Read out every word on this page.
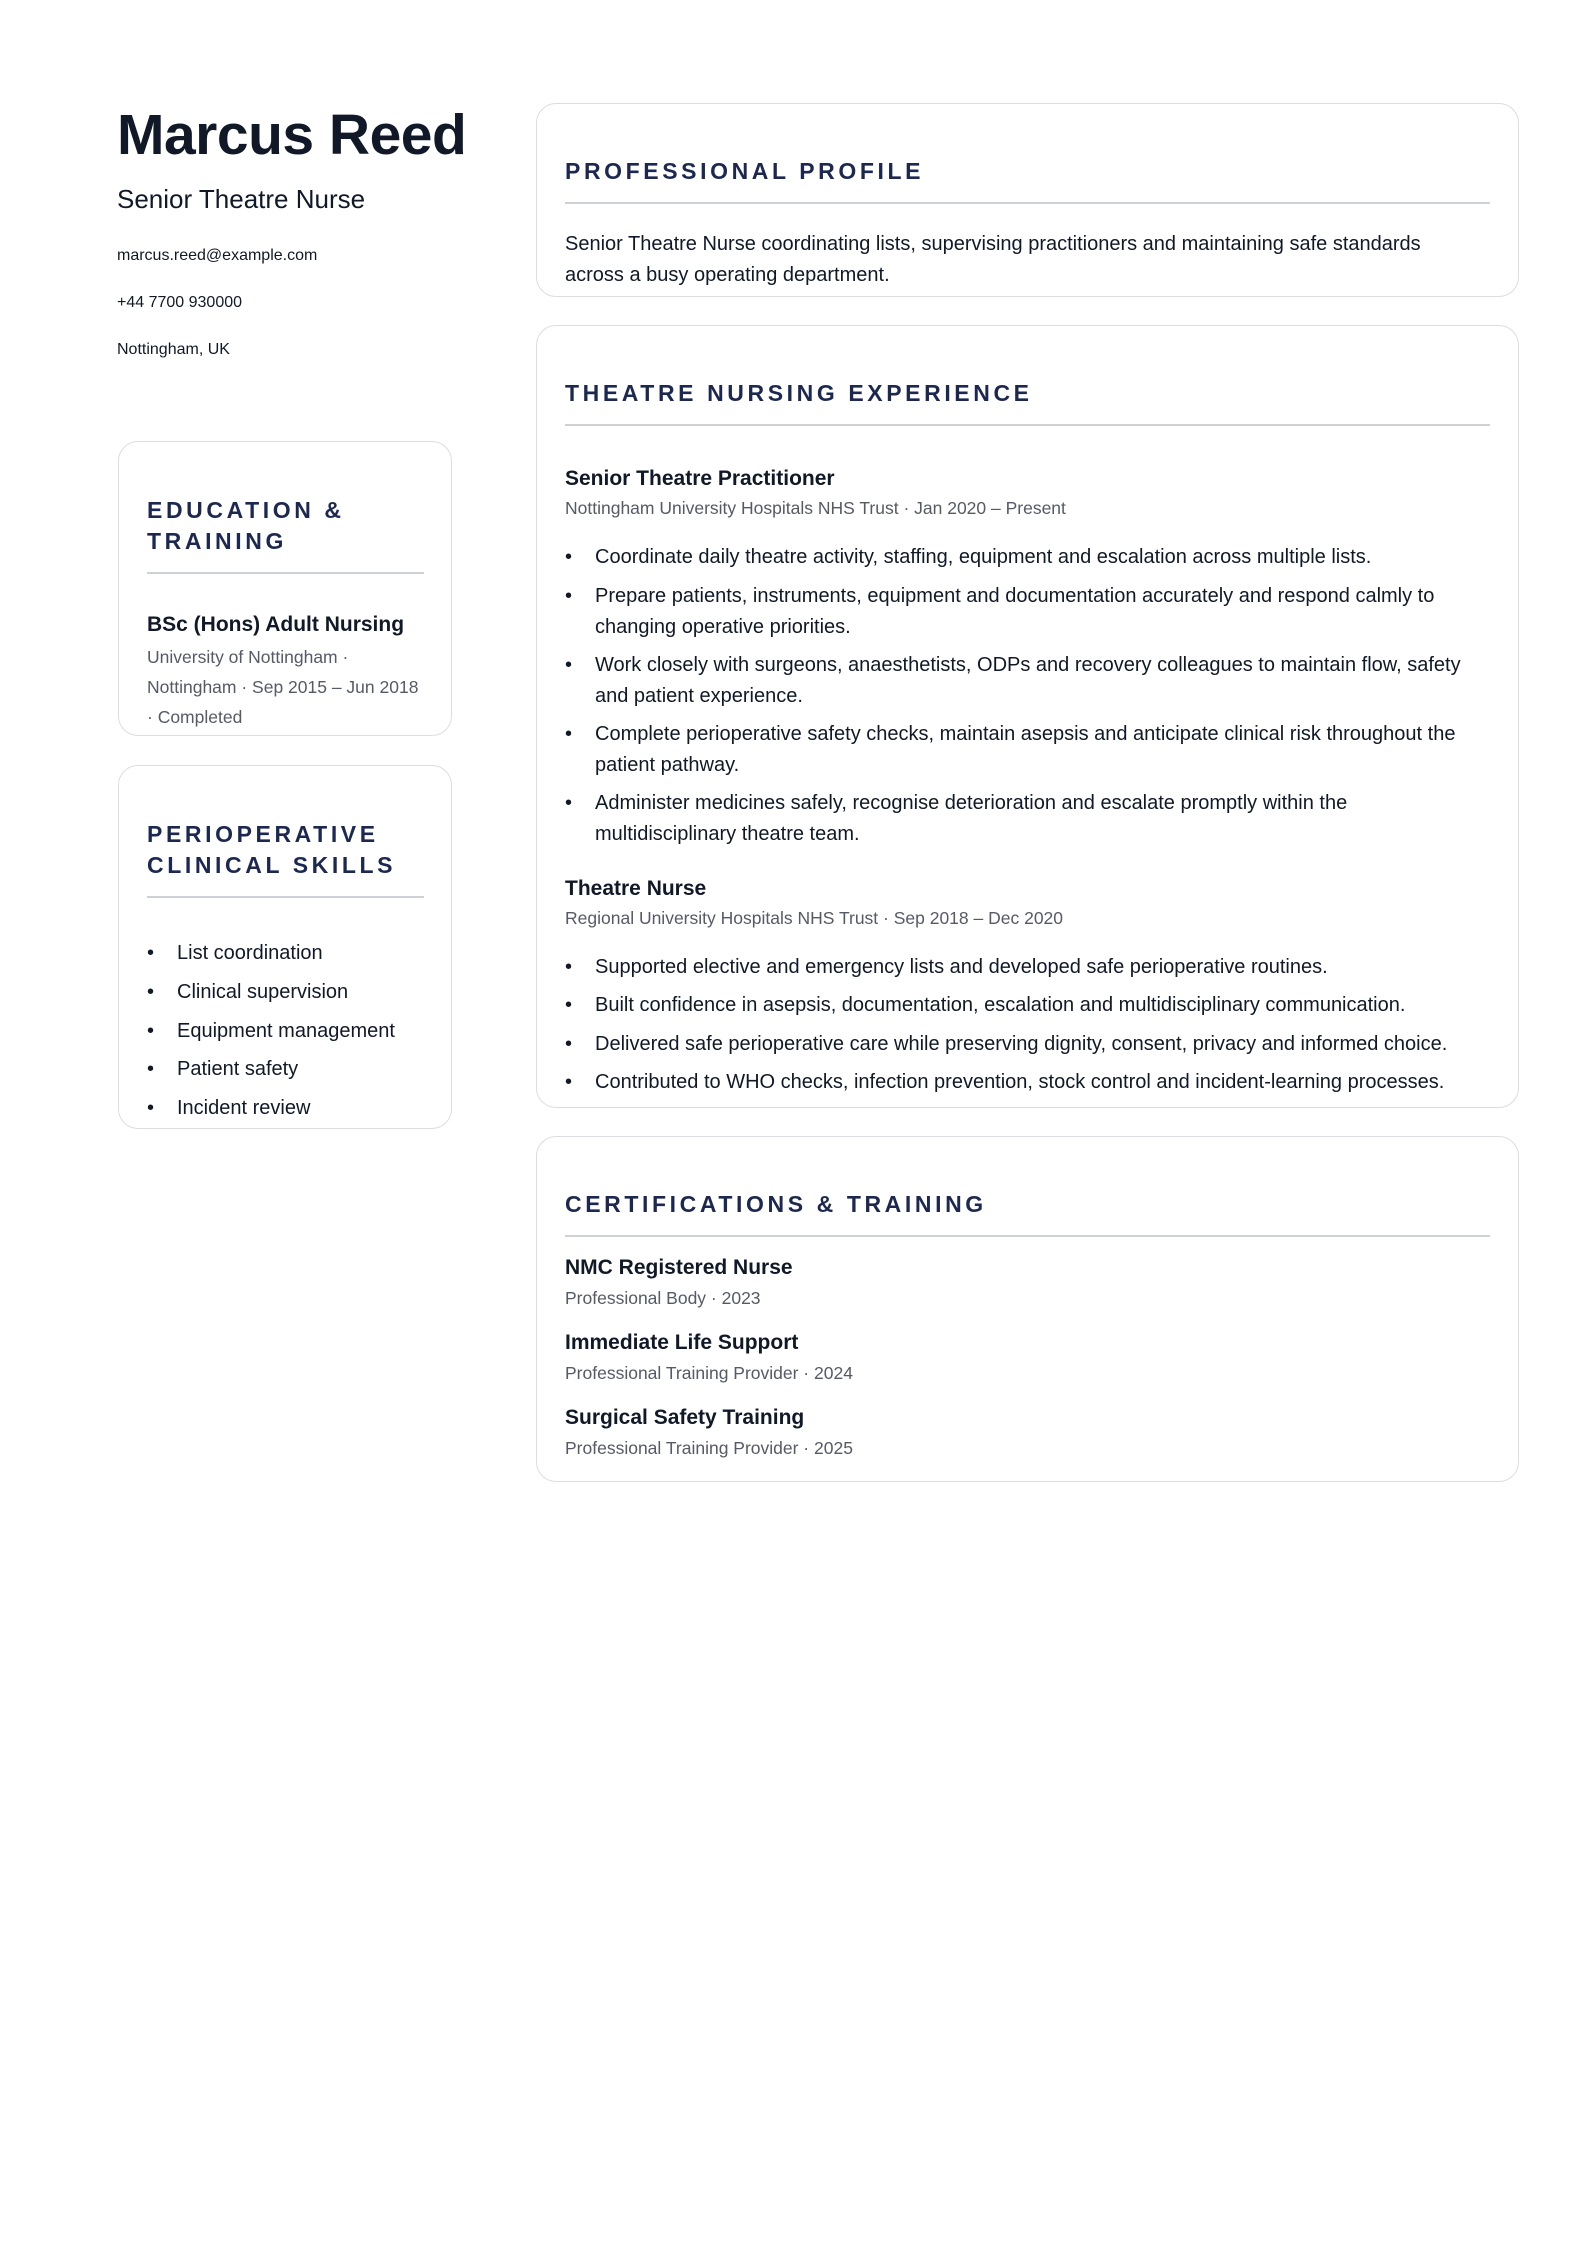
Marcus Reed
Senior Theatre Nurse
marcus.reed@example.com
+44 7700 930000
Nottingham, UK
EDUCATION &
TRAINING
BSc (Hons) Adult Nursing
University of Nottingham ·
Nottingham · Sep 2015 – Jun 2018
· Completed
PERIOPERATIVE
CLINICAL SKILLS
• List coordination
• Clinical supervision
• Equipment management
• Patient safety
• Incident review
PROFESSIONAL PROFILE
Senior Theatre Nurse coordinating lists, supervising practitioners and maintaining safe standards
across a busy operating department.
THEATRE NURSING EXPERIENCE
Senior Theatre Practitioner
Nottingham University Hospitals NHS Trust · Jan 2020 – Present
• Coordinate daily theatre activity, staffing, equipment and escalation across multiple lists.
• Prepare patients, instruments, equipment and documentation accurately and respond calmly to
changing operative priorities.
• Work closely with surgeons, anaesthetists, ODPs and recovery colleagues to maintain flow, safety
and patient experience.
• Complete perioperative safety checks, maintain asepsis and anticipate clinical risk throughout the
patient pathway.
• Administer medicines safely, recognise deterioration and escalate promptly within the
multidisciplinary theatre team.
Theatre Nurse
Regional University Hospitals NHS Trust · Sep 2018 – Dec 2020
• Supported elective and emergency lists and developed safe perioperative routines.
• Built confidence in asepsis, documentation, escalation and multidisciplinary communication.
• Delivered safe perioperative care while preserving dignity, consent, privacy and informed choice.
• Contributed to WHO checks, infection prevention, stock control and incident-learning processes.
CERTIFICATIONS & TRAINING
NMC Registered Nurse
Professional Body · 2023
Immediate Life Support
Professional Training Provider · 2024
Surgical Safety Training
Professional Training Provider · 2025
